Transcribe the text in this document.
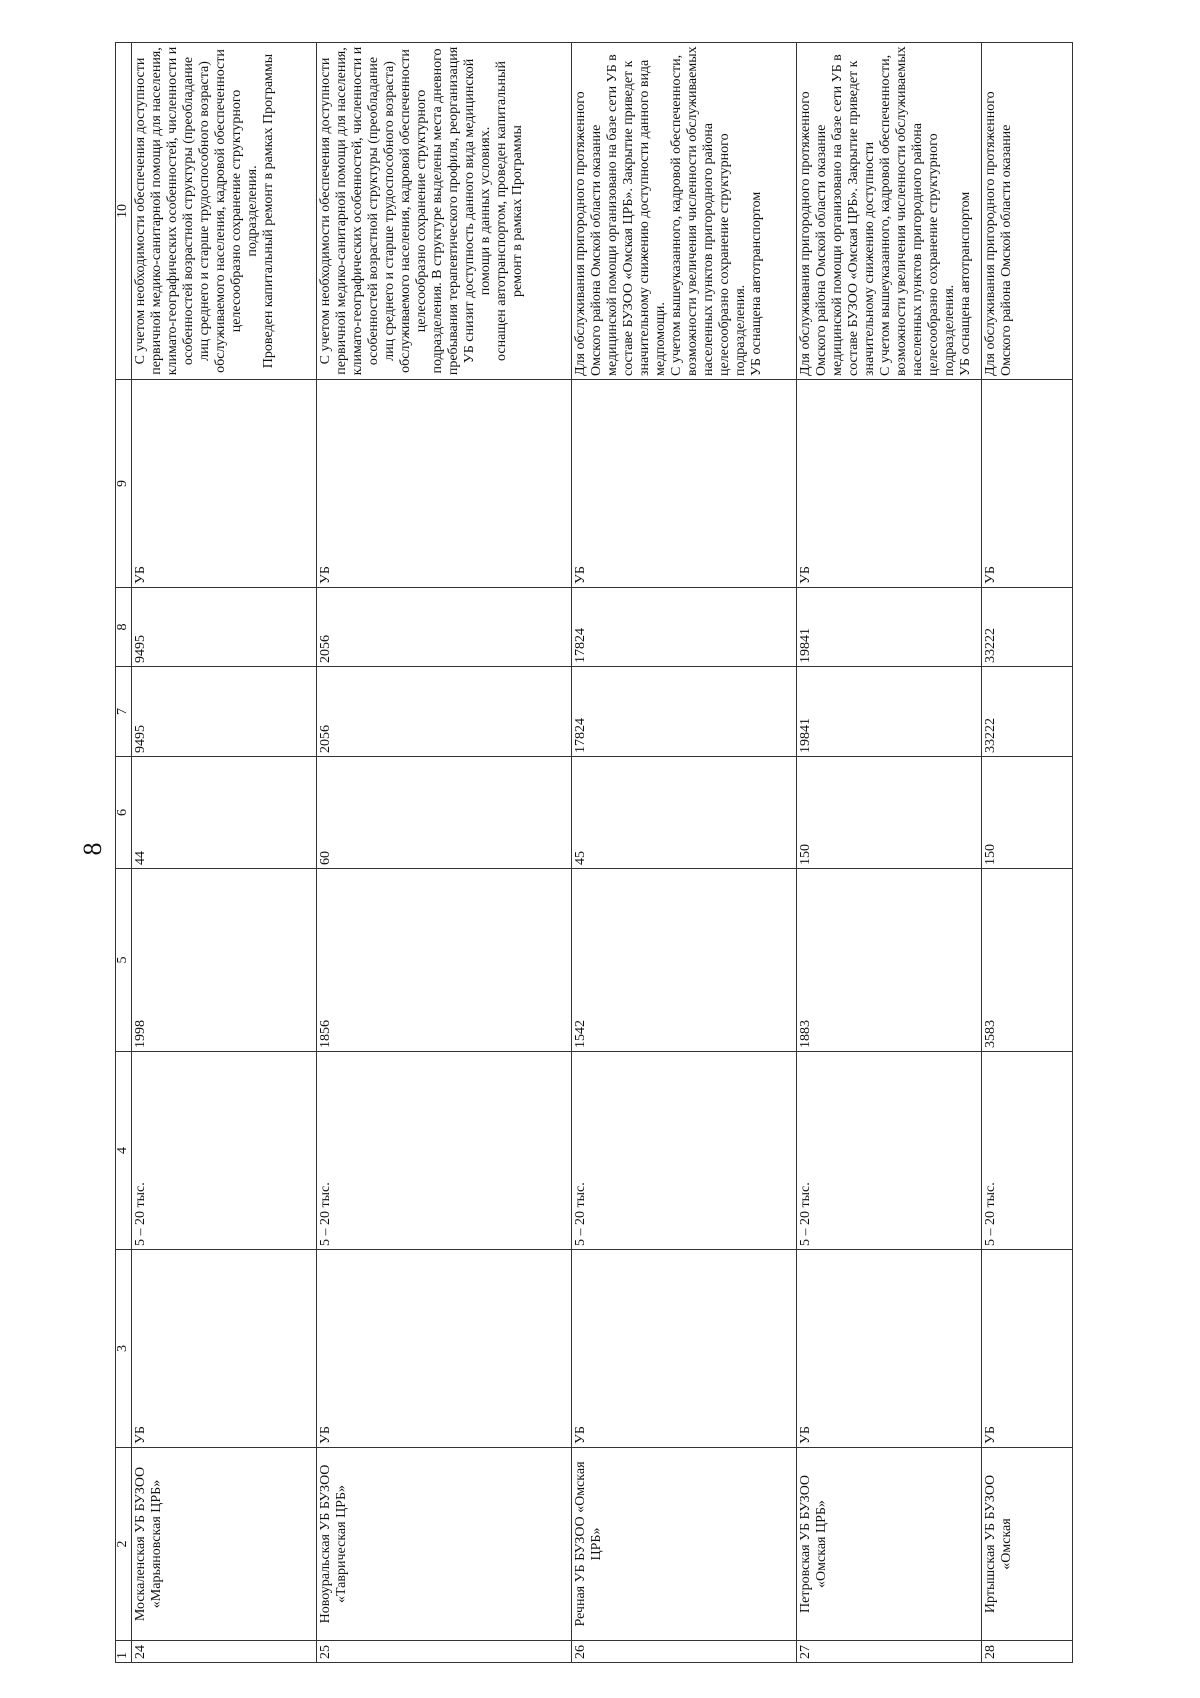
8
1	2	3	4	5	6	7	8	9	10
24	Москаленская УБ БУЗОО «Марьяновская ЦРБ»	УБ	5 – 20 тыс.	1998	44	9495	9495	УБ	С учетом необходимости обеспечения доступности первичной медико-санитарной помощи для населения, климато-географических особенностей, численности и особенностей возрастной структуры (преобладание лиц среднего и старше трудоспособного возраста) обслуживаемого населения, кадровой обеспеченности целесообразно сохранение структурного подразделения.
Проведен капитальный ремонт в рамках Программы
25	Новоуральская УБ БУЗОО «Таврическая ЦРБ»	УБ	5 – 20 тыс.	1856	60	2056	2056	УБ	С учетом необходимости обеспечения доступности первичной медико-санитарной помощи для населения, климато-географических особенностей, численности и особенностей возрастной структуры (преобладание лиц среднего и старше трудоспособного возраста) обслуживаемого населения, кадровой обеспеченности целесообразно сохранение структурного подразделения. В структуре выделены места дневного пребывания терапевтического профиля, реорганизация УБ снизит доступность данного вида медицинской помощи в данных условиях.
оснащен автотранспортом, проведен капитальный ремонт в рамках Программы
26	Речная УБ БУЗОО «Омская ЦРБ»	УБ	5 – 20 тыс.	1542	45	17824	17824	УБ	Для обслуживания пригородного протяженного Омского района Омской области оказание медицинской помощи организовано на базе сети УБ в составе БУЗОО «Омская ЦРБ». Закрытие приведет к значительному снижению доступности данного вида медпомощи.
С учетом вышеуказанного, кадровой обеспеченности, возможности увеличения численности обслуживаемых населенных пунктов пригородного района целесообразно сохранение структурного подразделения.
УБ оснащена автотранспортом
27	Петровская УБ БУЗОО «Омская ЦРБ»	УБ	5 – 20 тыс.	1883	150	19841	19841	УБ	Для обслуживания пригородного протяженного Омского района Омской области оказание медицинской помощи организовано на базе сети УБ в составе БУЗОО «Омская ЦРБ». Закрытие приведет к значительному снижению доступности
С учетом вышеуказанного, кадровой обеспеченности, возможности увеличения численности обслуживаемых населенных пунктов пригородного района целесообразно сохранение структурного подразделения.
УБ оснащена автотранспортом
28	Иртышская УБ БУЗОО «Омская	УБ	5 – 20 тыс.	3583	150	33222	33222	УБ	Для обслуживания пригородного протяженного Омского района Омской области оказание
